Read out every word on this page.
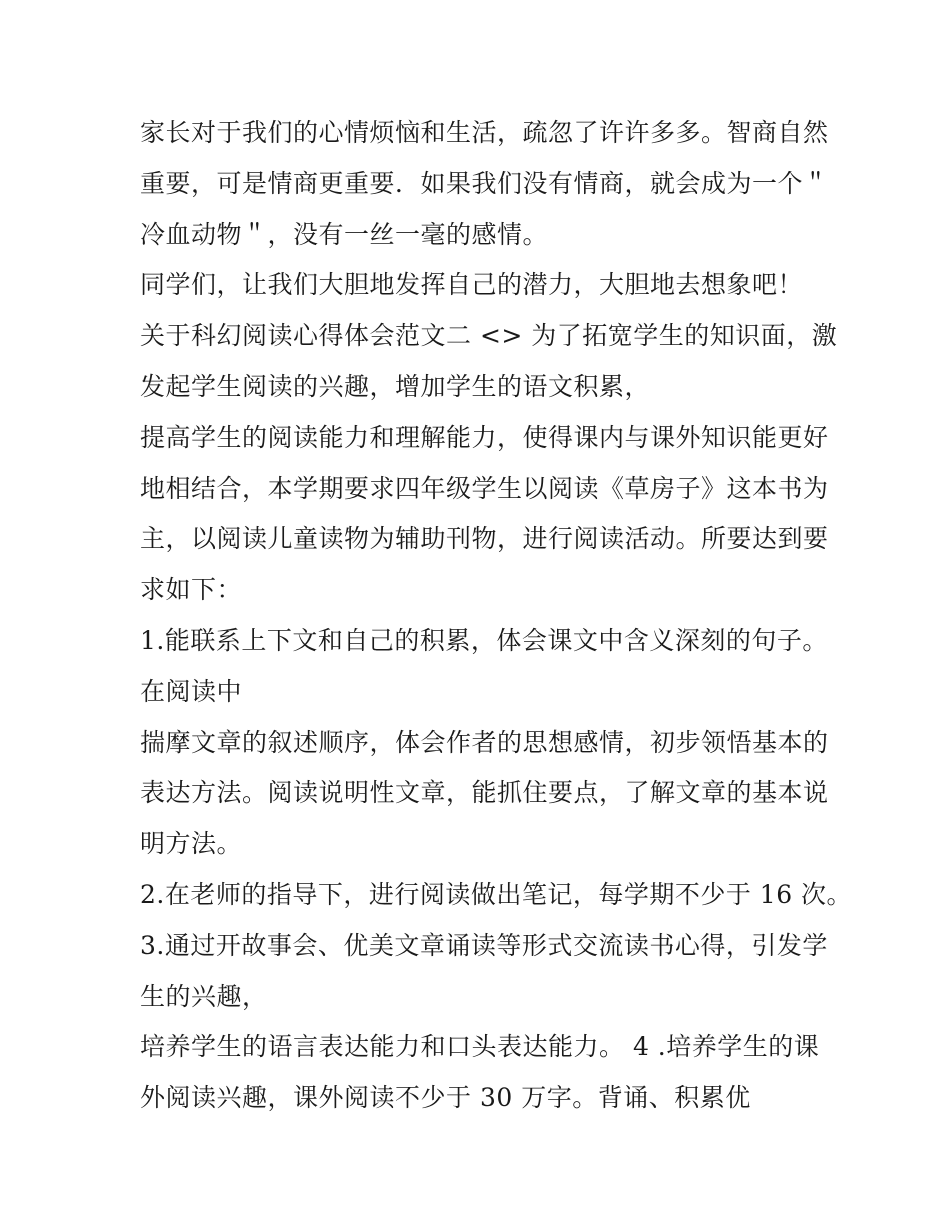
家长对于我们的心情烦恼和生活，疏忽了许许多多。智商自然
重要，可是情商更重要．如果我们没有情商，就会成为一个＂
冷血动物＂，没有一丝一毫的感情。
同学们，让我们大胆地发挥自己的潜力，大胆地去想象吧！
关于科幻阅读心得体会范文二 <> 为了拓宽学生的知识面，激
发起学生阅读的兴趣，增加学生的语文积累，
提高学生的阅读能力和理解能力，使得课内与课外知识能更好
地相结合，本学期要求四年级学生以阅读《草房子》这本书为
主，以阅读儿童读物为辅助刊物，进行阅读活动。所要达到要
求如下：
1.能联系上下文和自己的积累，体会课文中含义深刻的句子。
在阅读中
揣摩文章的叙述顺序，体会作者的思想感情，初步领悟基本的
表达方法。阅读说明性文章，能抓住要点，了解文章的基本说
明方法。
2.在老师的指导下，进行阅读做出笔记，每学期不少于 16 次。
3.通过开故事会、优美文章诵读等形式交流读书心得，引发学
生的兴趣，
培养学生的语言表达能力和口头表达能力。 4 .培养学生的课
外阅读兴趣，课外阅读不少于 30 万字。背诵、积累优
